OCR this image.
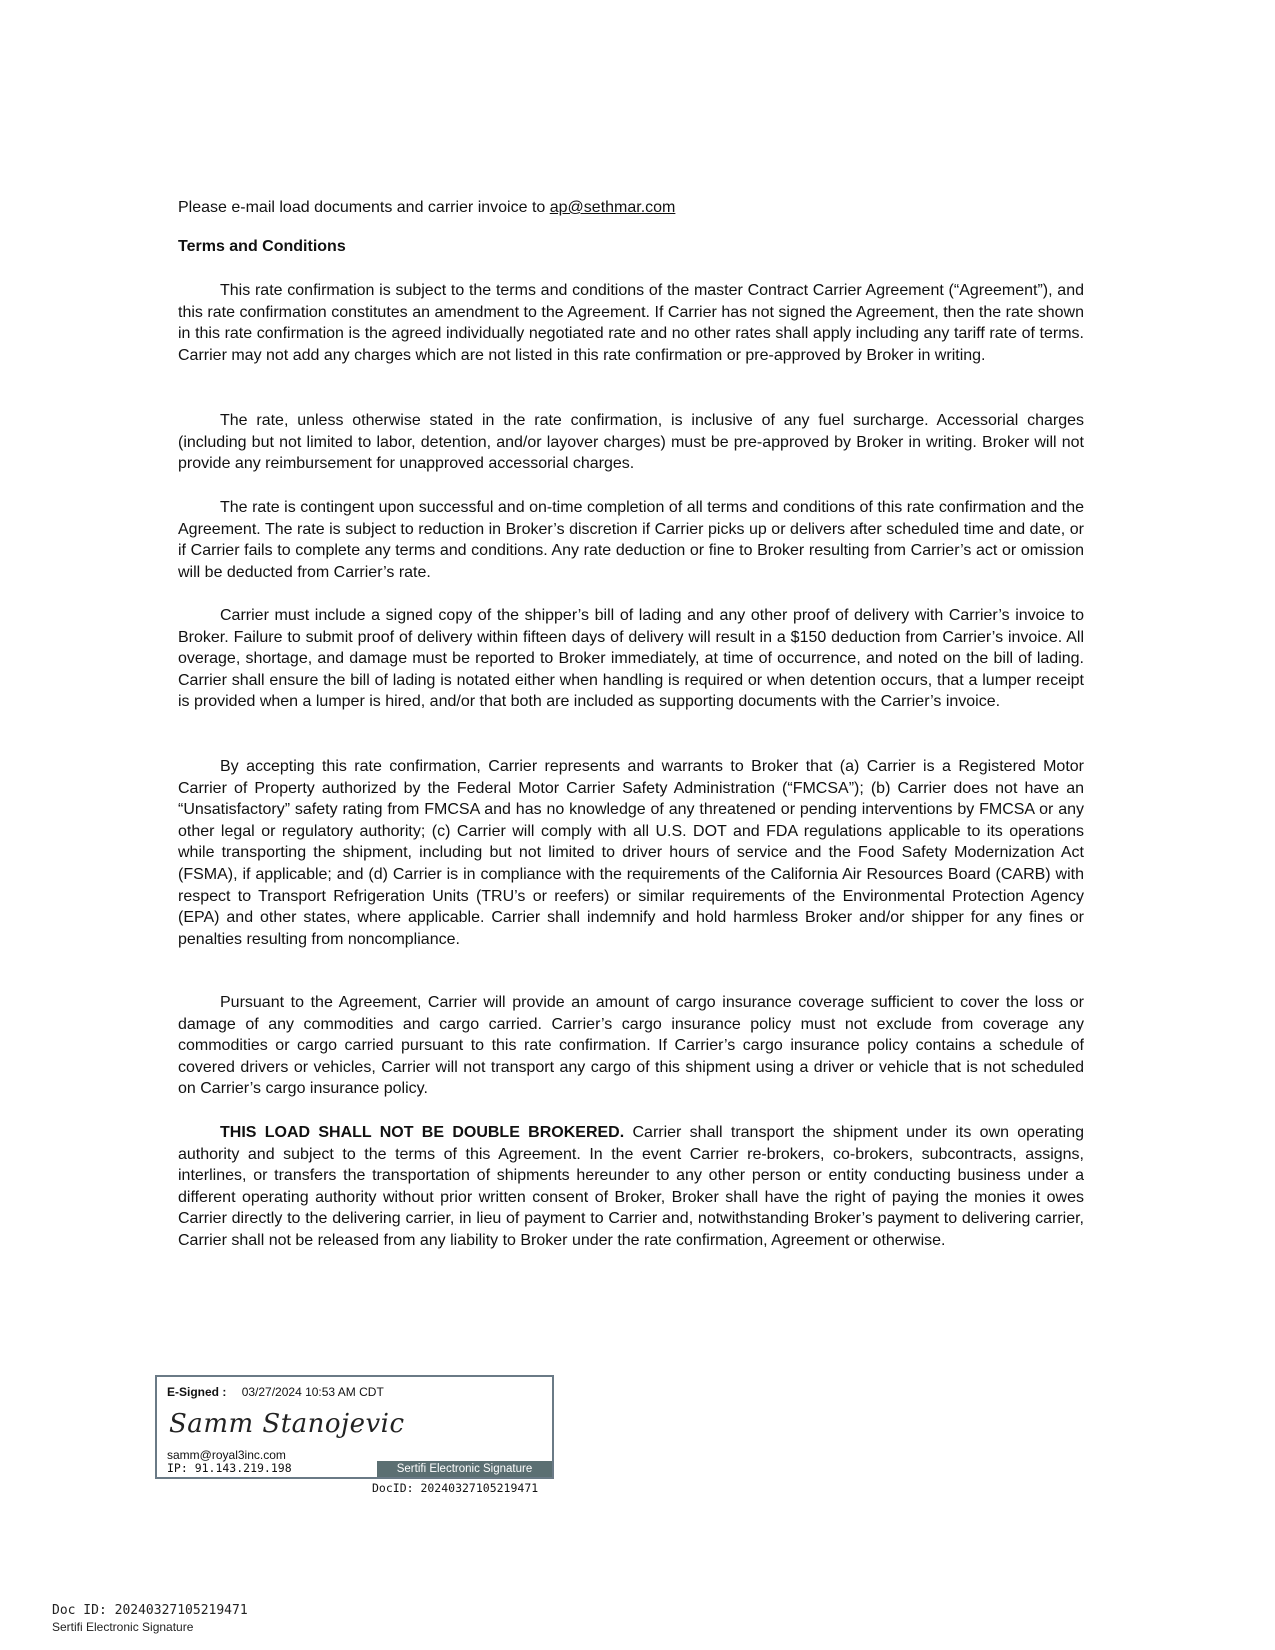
Please e-mail load documents and carrier invoice to ap@sethmar.com
Terms and Conditions

This rate confirmation is subject to the terms and conditions of the master Contract Carrier Agreement (“Agreement”), and this rate confirmation constitutes an amendment to the Agreement. If Carrier has not signed the Agreement, then the rate shown in this rate confirmation is the agreed individually negotiated rate and no other rates shall apply including any tariff rate of terms. Carrier may not add any charges which are not listed in this rate confirmation or pre-approved by Broker in writing.

The rate, unless otherwise stated in the rate confirmation, is inclusive of any fuel surcharge. Accessorial charges (including but not limited to labor, detention, and/or layover charges) must be pre-approved by Broker in writing. Broker will not provide any reimbursement for unapproved accessorial charges.

The rate is contingent upon successful and on-time completion of all terms and conditions of this rate confirmation and the Agreement. The rate is subject to reduction in Broker’s discretion if Carrier picks up or delivers after scheduled time and date, or if Carrier fails to complete any terms and conditions. Any rate deduction or fine to Broker resulting from Carrier’s act or omission will be deducted from Carrier’s rate.

Carrier must include a signed copy of the shipper’s bill of lading and any other proof of delivery with Carrier’s invoice to Broker. Failure to submit proof of delivery within fifteen days of delivery will result in a $150 deduction from Carrier’s invoice. All overage, shortage, and damage must be reported to Broker immediately, at time of occurrence, and noted on the bill of lading. Carrier shall ensure the bill of lading is notated either when handling is required or when detention occurs, that a lumper receipt is provided when a lumper is hired, and/or that both are included as supporting documents with the Carrier’s invoice.

By accepting this rate confirmation, Carrier represents and warrants to Broker that (a) Carrier is a Registered Motor Carrier of Property authorized by the Federal Motor Carrier Safety Administration (“FMCSA”); (b) Carrier does not have an “Unsatisfactory” safety rating from FMCSA and has no knowledge of any threatened or pending interventions by FMCSA or any other legal or regulatory authority; (c) Carrier will comply with all U.S. DOT and FDA regulations applicable to its operations while transporting the shipment, including but not limited to driver hours of service and the Food Safety Modernization Act (FSMA), if applicable; and (d) Carrier is in compliance with the requirements of the California Air Resources Board (CARB) with respect to Transport Refrigeration Units (TRU’s or reefers) or similar requirements of the Environmental Protection Agency (EPA) and other states, where applicable. Carrier shall indemnify and hold harmless Broker and/or shipper for any fines or penalties resulting from noncompliance.

Pursuant to the Agreement, Carrier will provide an amount of cargo insurance coverage sufficient to cover the loss or damage of any commodities and cargo carried. Carrier’s cargo insurance policy must not exclude from coverage any commodities or cargo carried pursuant to this rate confirmation. If Carrier’s cargo insurance policy contains a schedule of covered drivers or vehicles, Carrier will not transport any cargo of this shipment using a driver or vehicle that is not scheduled on Carrier’s cargo insurance policy.

THIS LOAD SHALL NOT BE DOUBLE BROKERED. Carrier shall transport the shipment under its own operating authority and subject to the terms of this Agreement. In the event Carrier re-brokers, co-brokers, subcontracts, assigns, interlines, or transfers the transportation of shipments hereunder to any other person or entity conducting business under a different operating authority without prior written consent of Broker, Broker shall have the right of paying the monies it owes Carrier directly to the delivering carrier, in lieu of payment to Carrier and, notwithstanding Broker’s payment to delivering carrier, Carrier shall not be released from any liability to Broker under the rate confirmation, Agreement or otherwise.

E-Signed : 03/27/2024 10:53 AM CDT
Samm Stanojevic
samm@royal3inc.com
IP: 91.143.219.198	Sertifi Electronic Signature
DocID: 20240327105219471
Doc ID: 20240327105219471
Sertifi Electronic Signature
